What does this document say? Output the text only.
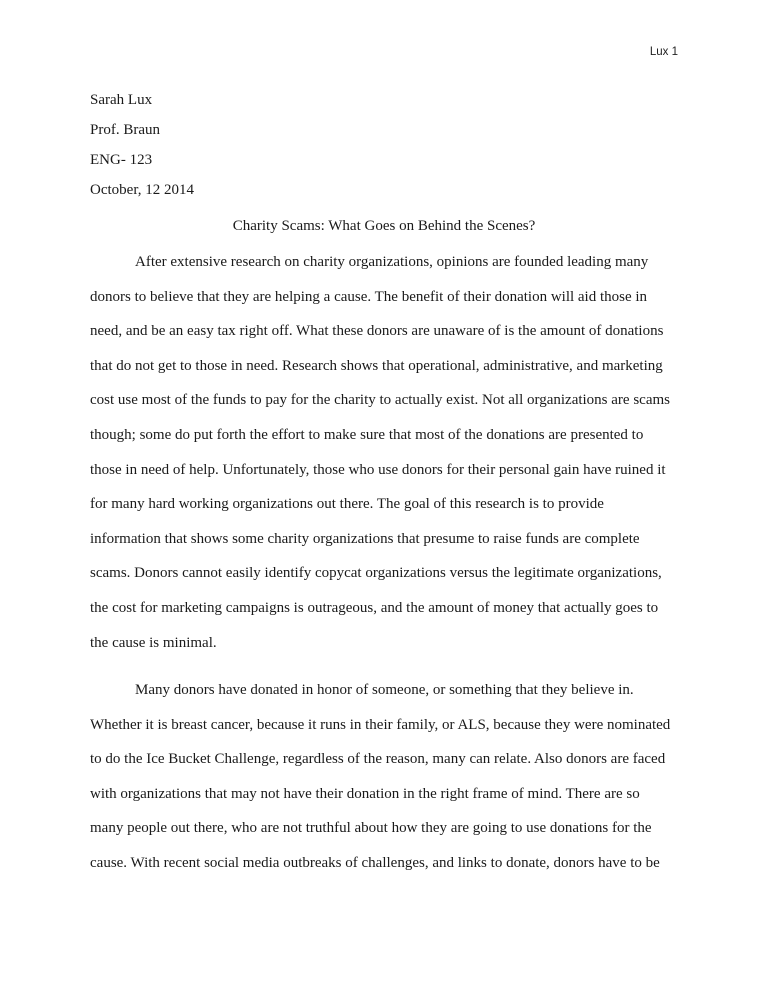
Lux 1
Sarah Lux
Prof. Braun
ENG- 123
October, 12 2014
Charity Scams: What Goes on Behind the Scenes?
After extensive research on charity organizations, opinions are founded leading many
donors to believe that they are helping a cause. The benefit of their donation will aid those in
need, and be an easy tax right off. What these donors are unaware of is the amount of donations
that do not get to those in need. Research shows that operational, administrative, and marketing
cost use most of the funds to pay for the charity to actually exist. Not all organizations are scams
though; some do put forth the effort to make sure that most of the donations are presented to
those in need of help. Unfortunately, those who use donors for their personal gain have ruined it
for many hard working organizations out there. The goal of this research is to provide
information that shows some charity organizations that presume to raise funds are complete
scams. Donors cannot easily identify copycat organizations versus the legitimate organizations,
the cost for marketing campaigns is outrageous, and the amount of money that actually goes to
the cause is minimal.
Many donors have donated in honor of someone, or something that they believe in.
Whether it is breast cancer, because it runs in their family, or ALS, because they were nominated
to do the Ice Bucket Challenge, regardless of the reason, many can relate. Also donors are faced
with organizations that may not have their donation in the right frame of mind. There are so
many people out there, who are not truthful about how they are going to use donations for the
cause. With recent social media outbreaks of challenges, and links to donate, donors have to be
